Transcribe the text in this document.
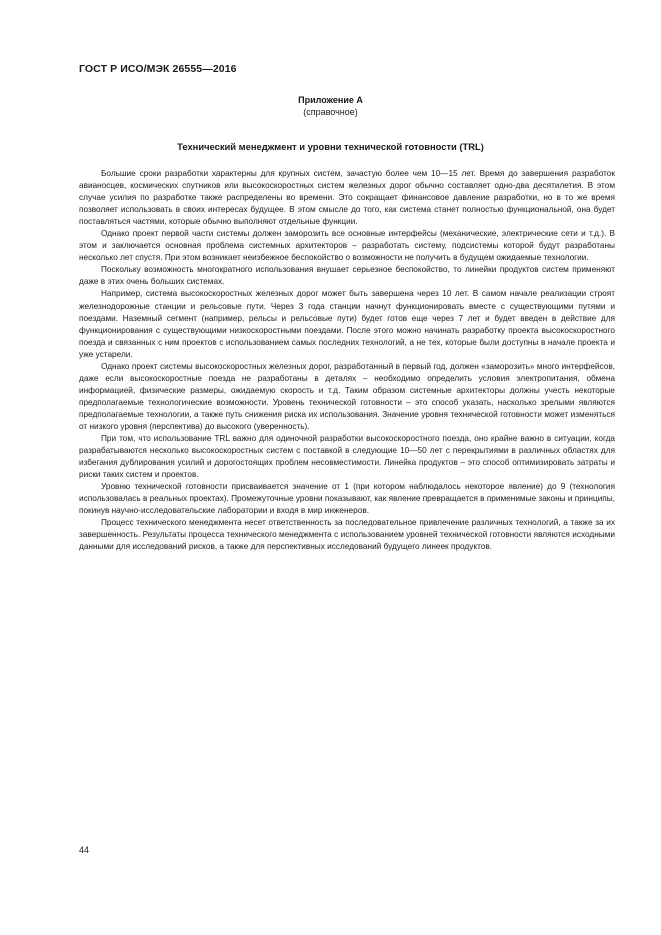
ГОСТ Р ИСО/МЭК 26555—2016
Приложение А
(справочное)
Технический менеджмент и уровни технической готовности (TRL)

Большие сроки разработки характерны для крупных систем, зачастую более чем 10—15 лет. Время до завершения разработок авианосцев, космических спутников или высокоскоростных систем железных дорог обычно составляет одно-два десятилетия. В этом случае усилия по разработке также распределены во времени. Это сокращает финансовое давление разработки, но в то же время позволяет использовать в своих интересах будущее. В этом смысле до того, как система станет полностью функциональной, она будет поставляться частями, которые обычно выполняют отдельные функции.

Однако проект первой части системы должен заморозить все основные интерфейсы (механические, электрические сети и т.д.). В этом и заключается основная проблема системных архитекторов – разработать систему, подсистемы которой будут разработаны несколько лет спустя. При этом возникает неизбежное беспокойство о возможности не получить в будущем ожидаемые технологии.

Поскольку возможность многократного использования внушает серьезное беспокойство, то линейки продуктов систем применяют даже в этих очень больших системах.

Например, система высокоскоростных железных дорог может быть завершена через 10 лет. В самом начале реализации строят железнодорожные станции и рельсовые пути. Через 3 года станции начнут функционировать вместе с существующими путями и поездами. Наземный сегмент (например, рельсы и рельсовые пути) будет готов еще через 7 лет и будет введен в действие для функционирования с существующими низкоскоростными поездами. После этого можно начинать разработку проекта высокоскоростного поезда и связанных с ним проектов с использованием самых последних технологий, а не тех, которые были доступны в начале проекта и уже устарели.

Однако проект системы высокоскоростных железных дорог, разработанный в первый год, должен «заморозить» много интерфейсов, даже если высокоскоростные поезда не разработаны в деталях – необходимо определить условия электропитания, обмена информацией, физические размеры, ожидаемую скорость и т.д. Таким образом системные архитекторы должны учесть некоторые предполагаемые технологические возможности. Уровень технической готовности – это способ указать, насколько зрелыми являются предполагаемые технологии, а также путь снижения риска их использования. Значение уровня технической готовности может изменяться от низкого уровня (перспектива) до высокого (уверенность).

При том, что использование TRL важно для одиночной разработки высокоскоростного поезда, оно крайне важно в ситуации, когда разрабатываются несколько высокоскоростных систем с поставкой в следующие 10—50 лет с перекрытиями в различных областях для избегания дублирования усилий и дорогостоящих проблем несовместимости. Линейка продуктов – это способ оптимизировать затраты и риски таких систем и проектов.

Уровню технической готовности присваивается значение от 1 (при котором наблюдалось некоторое явление) до 9 (технология использовалась в реальных проектах). Промежуточные уровни показывают, как явление превращается в применимые законы и принципы, покинув научно-исследовательские лаборатории и входя в мир инженеров.

Процесс технического менеджмента несет ответственность за последовательное привлечение различных технологий, а также за их завершенность. Результаты процесса технического менеджмента с использованием уровней технической готовности являются исходными данными для исследований рисков, а также для перспективных исследований будущего линеек продуктов.

44
